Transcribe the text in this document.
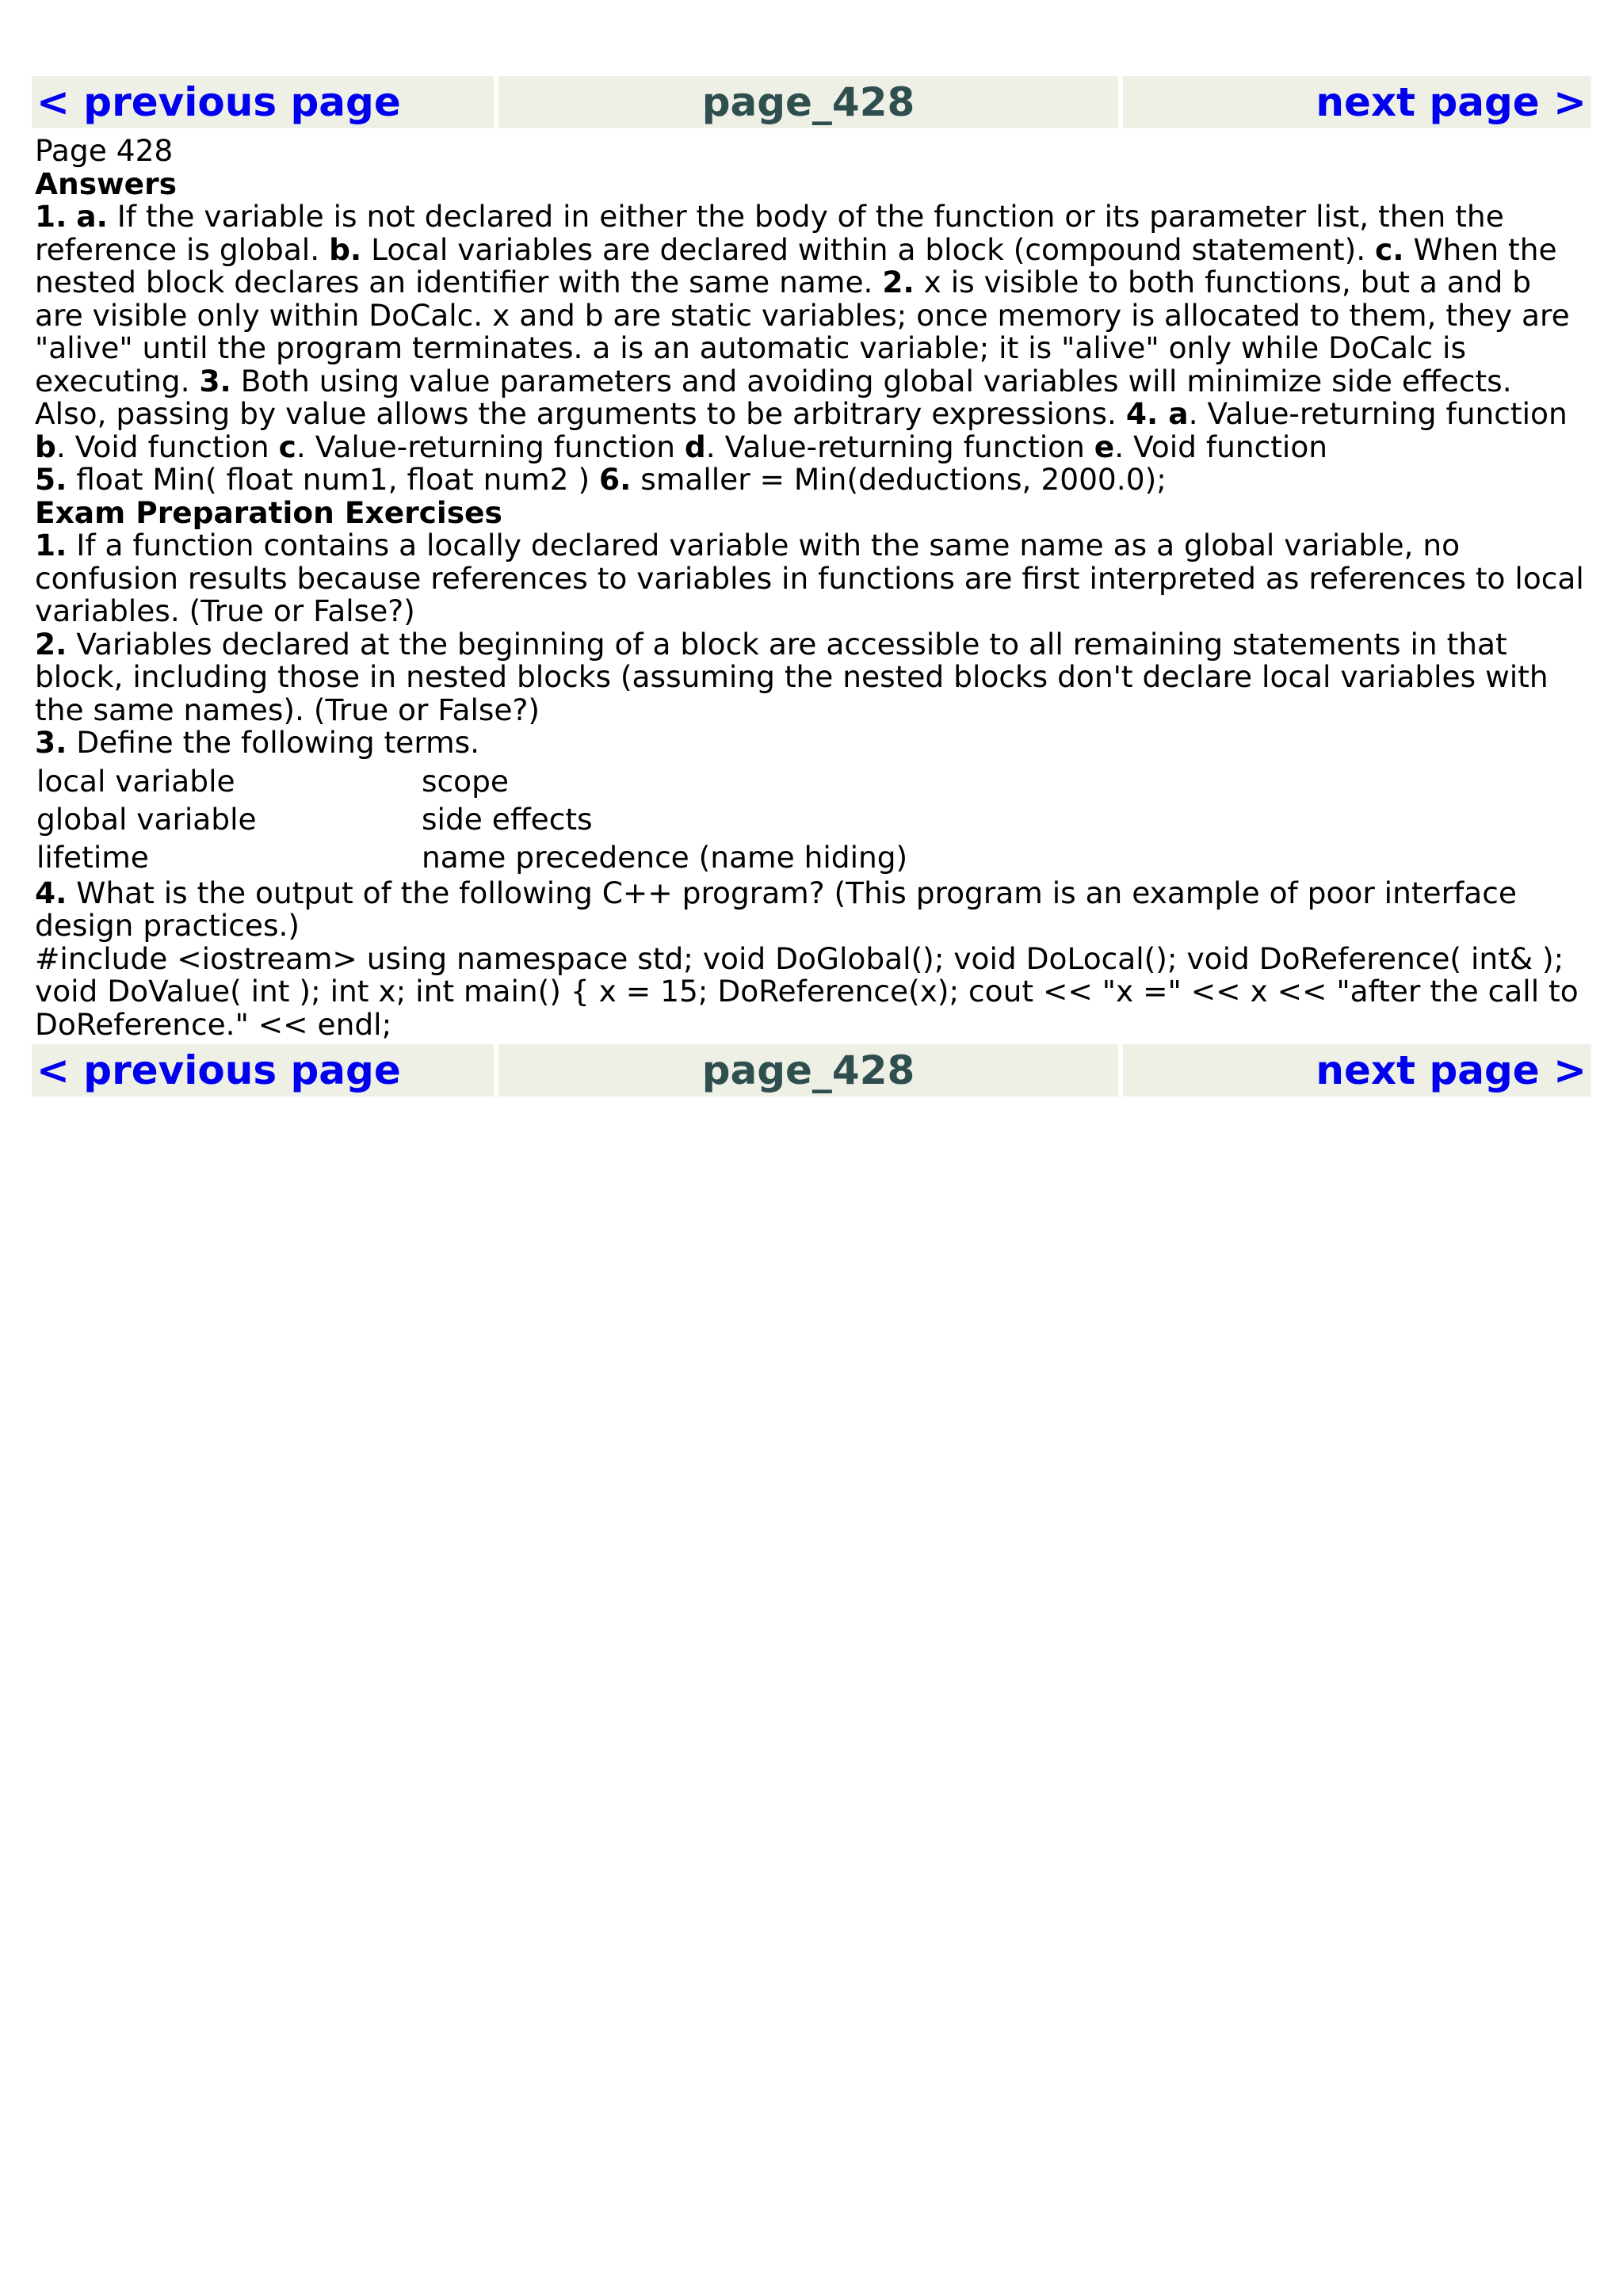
< previous page	page_428	next page >

Page 428

Answers

1. a. If the variable is not declared in either the body of the function or its parameter list, then the reference is global. b. Local variables are declared within a block (compound statement). c. When the nested block declares an identifier with the same name. 2. x is visible to both functions, but a and b are visible only within DoCalc. x and b are static variables; once memory is allocated to them, they are "alive" until the program terminates. a is an automatic variable; it is "alive" only while DoCalc is executing. 3. Both using value parameters and avoiding global variables will minimize side effects. Also, passing by value allows the arguments to be arbitrary expressions. 4. a. Value-returning function b. Void function c. Value-returning function d. Value-returning function e. Void function

5. float Min( float num1, float num2 ) 6. smaller = Min(deductions, 2000.0);

Exam Preparation Exercises

1. If a function contains a locally declared variable with the same name as a global variable, no confusion results because references to variables in functions are first interpreted as references to local variables. (True or False?)

2. Variables declared at the beginning of a block are accessible to all remaining statements in that block, including those in nested blocks (assuming the nested blocks don't declare local variables with the same names). (True or False?)

3. Define the following terms.

local variable	scope
global variable	side effects
lifetime	name precedence (name hiding)

4. What is the output of the following C++ program? (This program is an example of poor interface design practices.)

#include <iostream> using namespace std; void DoGlobal(); void DoLocal(); void DoReference( int& ); void DoValue( int ); int x; int main() { x = 15; DoReference(x); cout << "x =" << x << "after the call to DoReference." << endl;

< previous page	page_428	next page >
